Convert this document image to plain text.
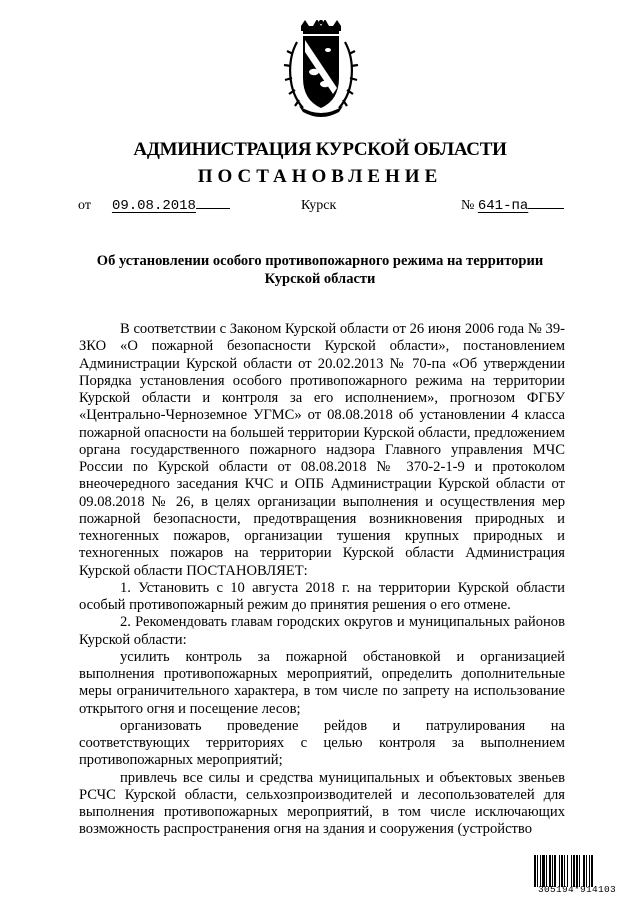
АДМИНИСТРАЦИЯ КУРСКОЙ ОБЛАСТИ
ПОСТАНОВЛЕНИЕ
от 09.08.2018	Курск	№ 641-па
Об установлении особого противопожарного режима на территории Курской области

В соответствии с Законом Курской области от 26 июня 2006 года № 39-ЗКО «О пожарной безопасности Курской области», постановлением Администрации Курской области от 20.02.2013 № 70-па «Об утверждении Порядка установления особого противопожарного режима на территории Курской области и контроля за его исполнением», прогнозом ФГБУ «Центрально-Черноземное УГМС» от 08.08.2018 об установлении 4 класса пожарной опасности на большей территории Курской области, предложением органа государственного пожарного надзора Главного управления МЧС России по Курской области от 08.08.2018 № 370-2-1-9 и протоколом внеочередного заседания КЧС и ОПБ Администрации Курской области от 09.08.2018 № 26, в целях организации выполнения и осуществления мер пожарной безопасности, предотвращения возникновения природных и техногенных пожаров, организации тушения крупных природных и техногенных пожаров на территории Курской области Администрация Курской области ПОСТАНОВЛЯЕТ:

1. Установить с 10 августа 2018 г. на территории Курской области особый противопожарный режим до принятия решения о его отмене.

2. Рекомендовать главам городских округов и муниципальных районов Курской области:

усилить контроль за пожарной обстановкой и организацией выполнения противопожарных мероприятий, определить дополнительные меры ограничительного характера, в том числе по запрету на использование открытого огня и посещение лесов;

организовать проведение рейдов и патрулирования на соответствующих территориях с целью контроля за выполнением противопожарных мероприятий;

привлечь все силы и средства муниципальных и объектовых звеньев РСЧС Курской области, сельхозпроизводителей и лесопользователей для выполнения противопожарных мероприятий, в том числе исключающих возможность распространения огня на здания и сооружения (устройство

305194*914103
